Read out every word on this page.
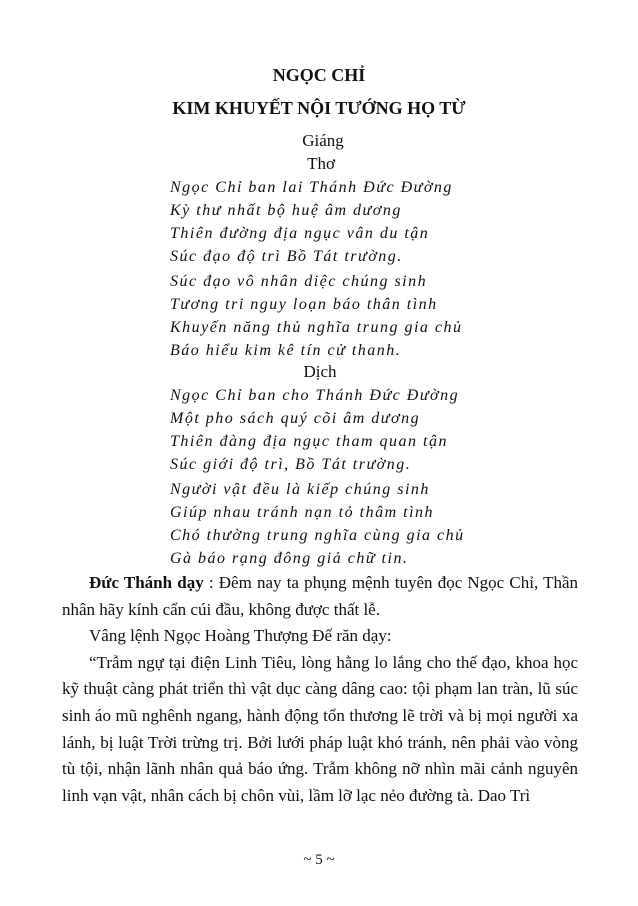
NGỌC CHỈ
KIM KHUYẾT NỘI TƯỚNG HỌ TỪ
Giáng
Thơ
Ngọc Chỉ ban lai Thánh Đức Đường
Kỳ thư nhất bộ huệ âm dương
Thiên đường địa ngục vân du tận
Súc đạo độ trì Bồ Tát trường.
Súc đạo vô nhân diệc chúng sinh
Tương tri nguy loạn báo thân tình
Khuyến năng thủ nghĩa trung gia chủ
Báo hiểu kim kê tín cử thanh.
Dịch
Ngọc Chỉ ban cho Thánh Đức Đường
Một pho sách quý cõi âm dương
Thiên đàng địa ngục tham quan tận
Súc giới độ trì, Bồ Tát trường.
Người vật đều là kiếp chúng sinh
Giúp nhau tránh nạn tỏ thâm tình
Chó thường trung nghĩa cùng gia chủ
Gà báo rạng đông giả chữ tin.

Đức Thánh dạy : Đêm nay ta phụng mệnh tuyên đọc Ngọc Chỉ, Thần nhân hãy kính cẩn cúi đầu, không được thất lễ.

Vâng lệnh Ngọc Hoàng Thượng Đế răn dạy:

“Trẫm ngự tại điện Linh Tiêu, lòng hằng lo lắng cho thế đạo, khoa học kỹ thuật càng phát triển thì vật dục càng dâng cao: tội phạm lan tràn, lũ súc sinh áo mũ nghênh ngang, hành động tổn thương lẽ trời và bị mọi người xa lánh, bị luật Trời trừng trị. Bởi lưới pháp luật khó tránh, nên phải vào vòng tù tội, nhận lãnh nhân quả báo ứng. Trẫm không nỡ nhìn mãi cảnh nguyên linh vạn vật, nhân cách bị chôn vùi, lầm lỡ lạc nẻo đường tà. Dao Trì

~ 5 ~
